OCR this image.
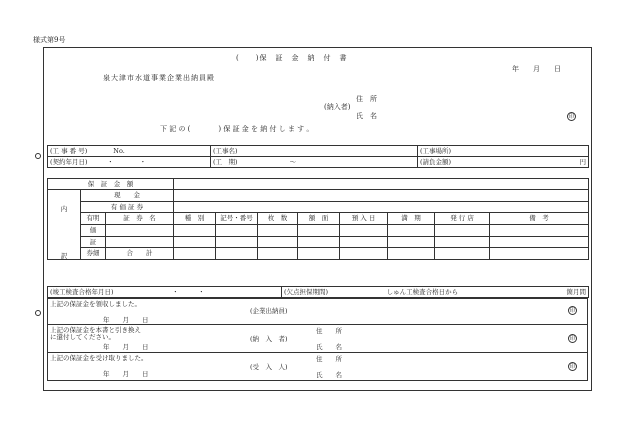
様式第9号
(　　)保　証　金　納　付　書
年　　月　　日
泉大津市水道事業企業出納員殿
住　所
(納入者)
氏　名	印
下 記 の (　　　　) 保 証 金 を 納 付 し ま す 。
(工 事 番 号)　　　　 No.	(工事名)	(工事場所)
(契約年月日)　　　 ・　　　　・	(工　期)　　　　　　　　 〜	(請負金額) 円
保　証　金　額										

内
訳	現　　金									
	有 価 証 券									
	有明	証　券　名	種　別	記号・番号	枚　数	額　面	預 入 日	満　期	発 行 店	備　考
	価									
	証									
	券細	合　　計								
(竣工検査合格年月日)　　　　　　　　　	・　　　・	(欠点担保期間)　　　　　　　　　	しゅん工検査合格日から	箇月間
上記の保証金を領収しました。
年　　月　　日
(企業出納員)	印
上記の保証金を本書と引き換え
に還付してください。
年　　月　　日
(納　入　者)
住　　所
氏　　名
印
上記の保証金を受け取りました。
年　　月　　日
(受　入　人)
住　　所
氏　　名
印
